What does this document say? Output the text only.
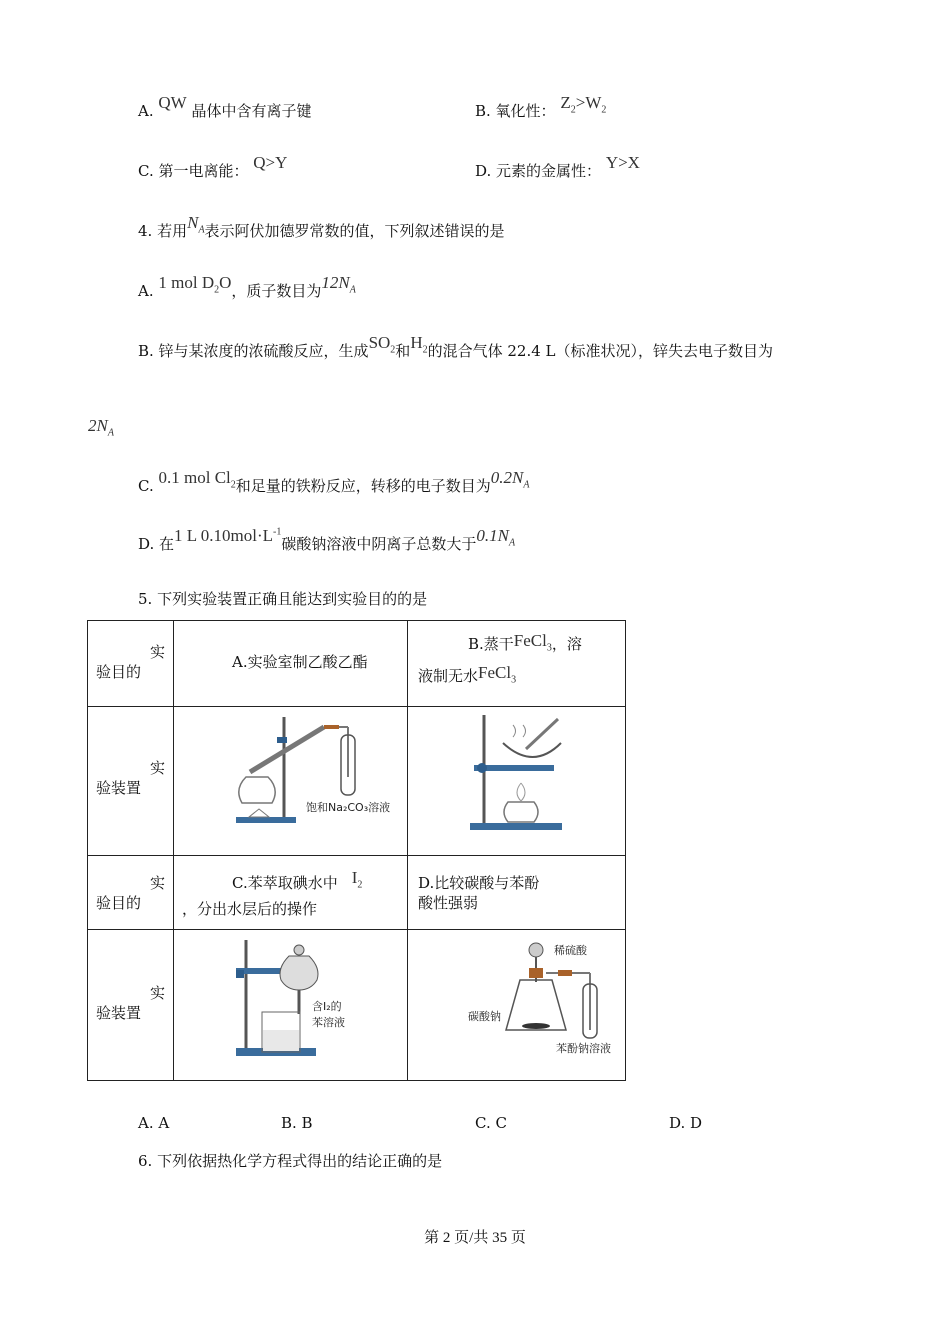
A. QW 晶体中含有离子键	B. 氧化性： $Z_2>W_2$
C. 第一电离能： Q>Y	D. 元素的金属性： Y>X
4. 若用$N_A$表示阿伏加德罗常数的值，下列叙述错误的是
A. 1 mol $D_2O$，质子数目为$12N_A$
B. 锌与某浓度的浓硫酸反应，生成$SO_2$和$H_2$的混合气体 22.4 L（标准状况），锌失去电子数目为
$2N_A$
C. 0.1 mol $Cl_2$和足量的铁粉反应，转移的电子数目为$0.2N_A$
D. 在1 L $0.10mol\cdot L^{-1}$碳酸钠溶液中阴离子总数大于$0.1N_A$
5. 下列实验装置正确且能达到实验目的的是
实
验目的	A.实验室制乙酸乙酯	B.蒸干FeCl$_3$，溶
液制无水FeCl$_3$

实
验装置	饱和Na₂CO₃溶液

实
验目的	C.苯萃取碘水中 $I_2$
，分出水层后的操作	D.比较碳酸与苯酚
酸性强弱

实
验装置	含I₂的
苯溶液	稀硫酸
碳酸钠
苯酚钠溶液
A. A	B. B	C. C	D. D
6. 下列依据热化学方程式得出的结论正确的是
第 2 页/共 35 页
